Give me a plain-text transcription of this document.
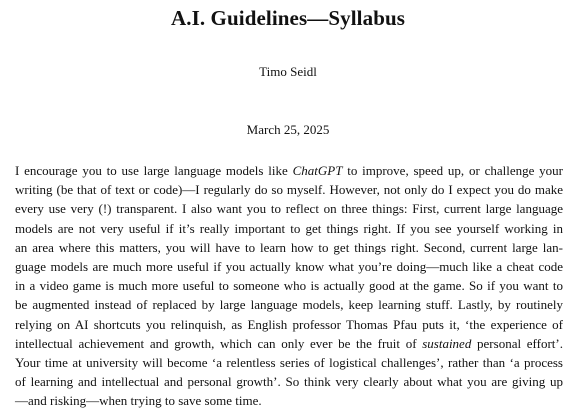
A.I. Guidelines—Syllabus
Timo Seidl
March 25, 2025
I encourage you to use large language models like ChatGPT to improve, speed up, or challenge your
writing (be that of text or code)—I regularly do so myself. However, not only do I expect you do make
every use very (!) transparent. I also want you to reflect on three things: First, current large language
models are not very useful if it’s really important to get things right. If you see yourself working in
an area where this matters, you will have to learn how to get things right. Second, current large lan-
guage models are much more useful if you actually know what you’re doing—much like a cheat code
in a video game is much more useful to someone who is actually good at the game. So if you want to
be augmented instead of replaced by large language models, keep learning stuff. Lastly, by routinely
relying on AI shortcuts you relinquish, as English professor Thomas Pfau puts it, ‘the experience of
intellectual achievement and growth, which can only ever be the fruit of sustained personal effort’.
Your time at university will become ‘a relentless series of logistical challenges’, rather than ‘a process
of learning and intellectual and personal growth’. So think very clearly about what you are giving up
—and risking—when trying to save some time.
